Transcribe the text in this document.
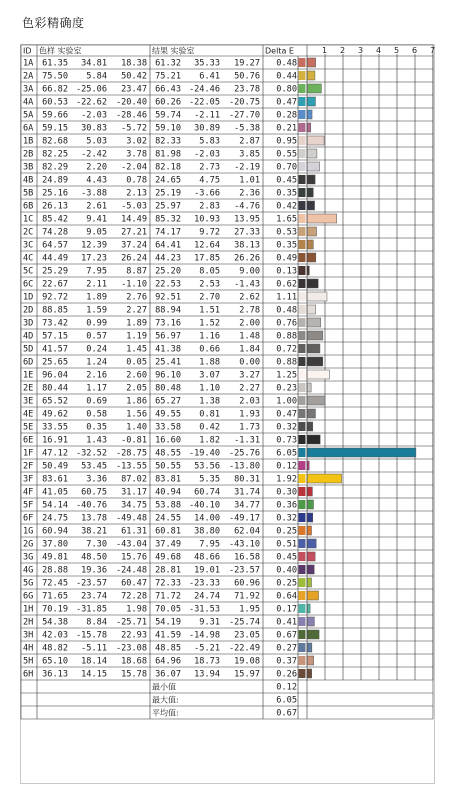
色彩精确度
ID 色样 实验室	结果 实验室	Delta E	1 2 3 4 5 6 7
1A 61.35 34.81 18.38 61.32 35.33 19.27 0.48
2A 75.50 5.84 50.42 75.21 6.41 50.76 0.44
3A 66.82 -25.06 23.47 66.43 -24.46 23.78 0.80
4A 60.53 -22.62 -20.40 60.26 -22.05 -20.75 0.47
5A 59.66 -2.03 -28.46 59.74 -2.11 -27.70 0.28
6A 59.15 30.83 -5.72 59.10 30.89 -5.38 0.21
1B 82.68 5.03 3.02 82.33 5.83 2.87 0.95
2B 82.25 -2.42 3.78 81.98 -2.03 3.85 0.55
3B 82.29 2.20 -2.04 82.18 2.73 -2.19 0.70
4B 24.89 4.43 0.78 24.65 4.75 1.01 0.45
5B 25.16 -3.88 2.13 25.19 -3.66 2.36 0.35
6B 26.13 2.61 -5.03 25.97 2.83 -4.76 0.42
1C 85.42 9.41 14.49 85.32 10.93 13.95 1.65
2C 74.28 9.05 27.21 74.17 9.72 27.33 0.53
3C 64.57 12.39 37.24 64.41 12.64 38.13 0.35
4C 44.49 17.23 26.24 44.23 17.85 26.26 0.49
5C 25.29 7.95 8.87 25.20 8.05 9.00 0.13
6C 22.67 2.11 -1.10 22.53 2.53 -1.43 0.62
1D 92.72 1.89 2.76 92.51 2.70 2.62 1.11
2D 88.85 1.59 2.27 88.94 1.51 2.78 0.48
3D 73.42 0.99 1.89 73.16 1.52 2.00 0.76
4D 57.15 0.57 1.19 56.97 1.16 1.48 0.88
5D 41.57 0.24 1.45 41.38 0.66 1.84 0.72
6D 25.65 1.24 0.05 25.41 1.88 0.00 0.88
1E 96.04 2.16 2.60 96.10 3.07 3.27 1.25
2E 80.44 1.17 2.05 80.48 1.10 2.27 0.23
3E 65.52 0.69 1.86 65.27 1.38 2.03 1.00
4E 49.62 0.58 1.56 49.55 0.81 1.93 0.47
5E 33.55 0.35 1.40 33.58 0.42 1.73 0.32
6E 16.91 1.43 -0.81 16.60 1.82 -1.31 0.73
1F 47.12 -32.52 -28.75 48.55 -19.40 -25.76 6.05
2F 50.49 53.45 -13.55 50.55 53.56 -13.80 0.12
3F 83.61 3.36 87.02 83.81 5.35 80.31 1.92
4F 41.05 60.75 31.17 40.94 60.74 31.74 0.30
5F 54.14 -40.76 34.75 53.88 -40.10 34.77 0.36
6F 24.75 13.78 -49.48 24.55 14.00 -49.17 0.32
1G 60.94 38.21 61.31 60.81 38.80 62.04 0.25
2G 37.80 7.30 -43.04 37.49 7.95 -43.10 0.51
3G 49.81 48.50 15.76 49.68 48.66 16.58 0.45
4G 28.88 19.36 -24.48 28.81 19.01 -23.57 0.40
5G 72.45 -23.57 60.47 72.33 -23.33 60.96 0.25
6G 71.65 23.74 72.28 71.72 24.74 71.92 0.64
1H 70.19 -31.85 1.98 70.05 -31.53 1.95 0.17
2H 54.38 8.84 -25.71 54.19 9.31 -25.74 0.41
3H 42.03 -15.78 22.93 41.59 -14.98 23.05 0.67
4H 48.82 -5.11 -23.08 48.85 -5.21 -22.49 0.27
5H 65.10 18.14 18.68 64.96 18.73 19.08 0.37
6H 36.13 14.15 15.78 36.07 13.94 15.97 0.26
最小值	0.12
最大值:	6.05
平均值:	0.67
